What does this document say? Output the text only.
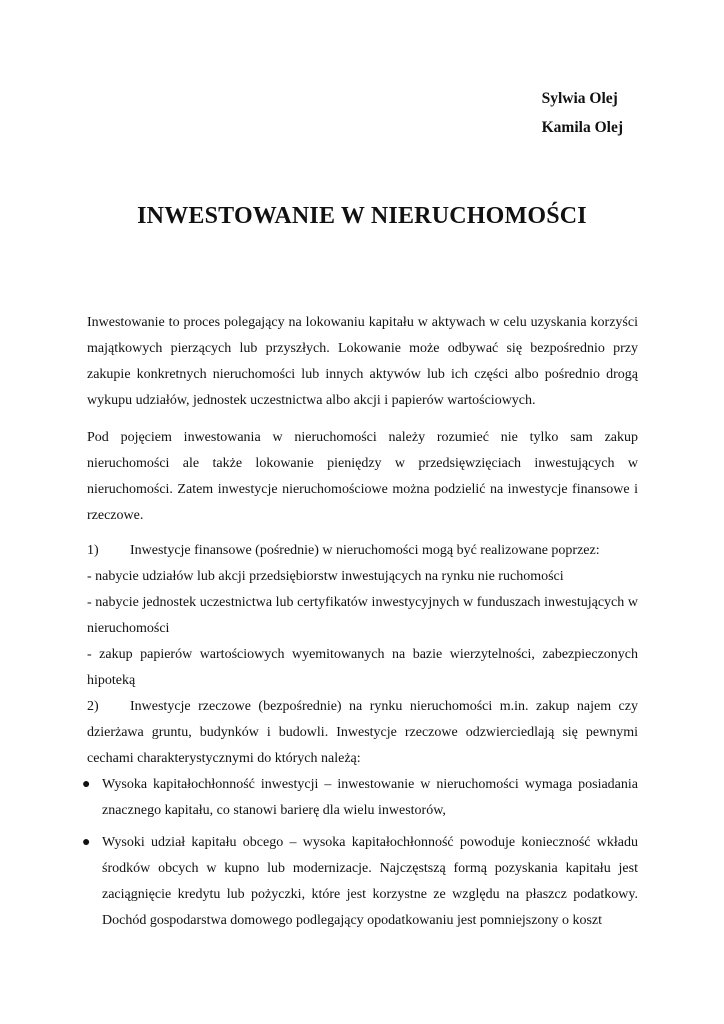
Sylwia Olej
Kamila Olej
INWESTOWANIE W NIERUCHOMOŚCI

Inwestowanie to proces polegający na lokowaniu kapitału w aktywach w celu uzyskania korzyści majątkowych pierzących lub przyszłych. Lokowanie może odbywać się bezpośrednio przy zakupie konkretnych nieruchomości lub innych aktywów lub ich części albo pośrednio drogą wykupu udziałów, jednostek uczestnictwa albo akcji i papierów wartościowych.

Pod pojęciem inwestowania w nieruchomości należy rozumieć nie tylko sam zakup nieruchomości ale także lokowanie pieniędzy w przedsięwzięciach inwestujących w nieruchomości. Zatem inwestycje nieruchomościowe można podzielić na inwestycje finansowe i rzeczowe.

1) Inwestycje finansowe (pośrednie) w nieruchomości mogą być realizowane poprzez:

- nabycie udziałów lub akcji przedsiębiorstw inwestujących na rynku nie ruchomości

- nabycie jednostek uczestnictwa lub certyfikatów inwestycyjnych w funduszach inwestujących w nieruchomości

- zakup papierów wartościowych wyemitowanych na bazie wierzytelności, zabezpieczonych hipoteką

2) Inwestycje rzeczowe (bezpośrednie) na rynku nieruchomości m.in. zakup najem czy dzierżawa gruntu, budynków i budowli. Inwestycje rzeczowe odzwierciedlają się pewnymi cechami charakterystycznymi do których należą:

● Wysoka kapitałochłonność inwestycji – inwestowanie w nieruchomości wymaga posiadania znacznego kapitału, co stanowi barierę dla wielu inwestorów,
● Wysoki udział kapitału obcego – wysoka kapitałochłonność powoduje konieczność wkładu środków obcych w kupno lub modernizacje. Najczęstszą formą pozyskania kapitału jest zaciągnięcie kredytu lub pożyczki, które jest korzystne ze względu na płaszcz podatkowy. Dochód gospodarstwa domowego podlegający opodatkowaniu jest pomniejszony o koszt
